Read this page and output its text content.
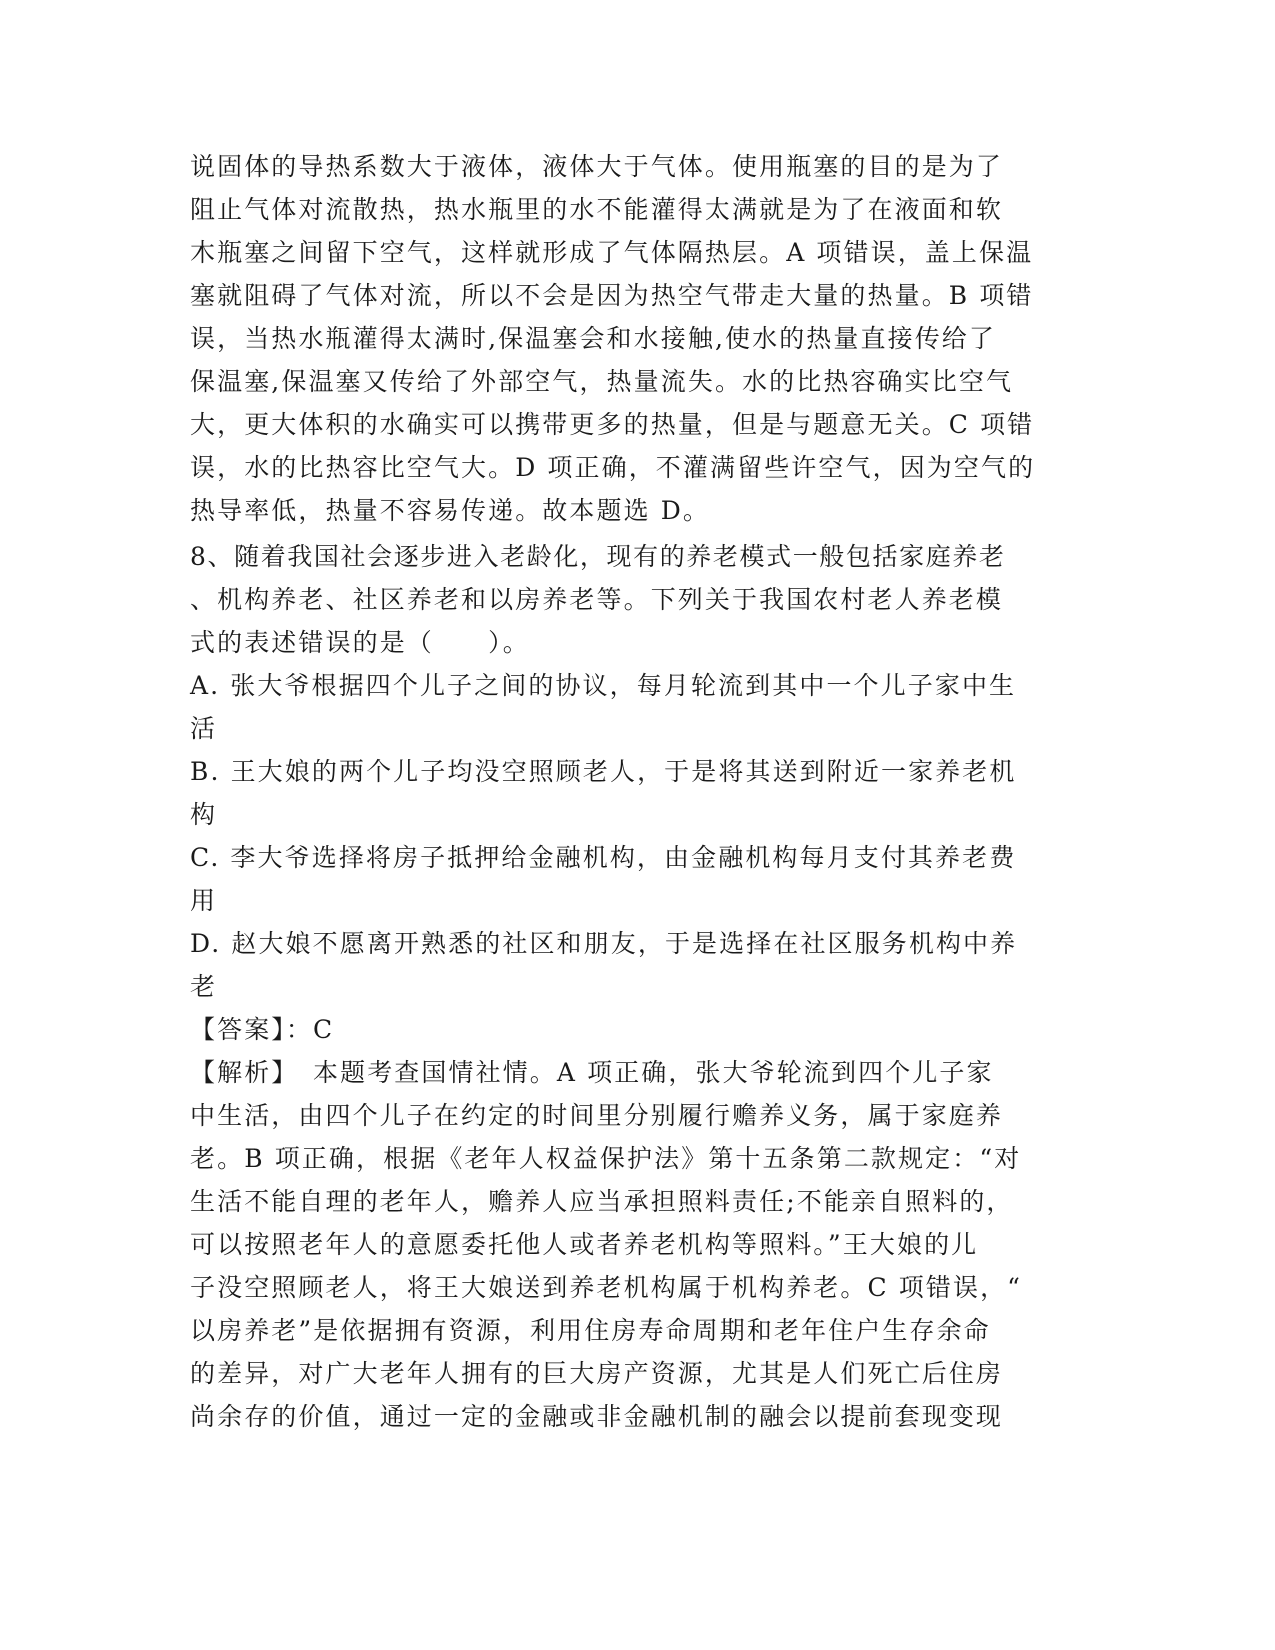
说固体的导热系数大于液体，液体大于气体。使用瓶塞的目的是为了
阻止气体对流散热，热水瓶里的水不能灌得太满就是为了在液面和软
木瓶塞之间留下空气，这样就形成了气体隔热层。A 项错误，盖上保温
塞就阻碍了气体对流，所以不会是因为热空气带走大量的热量。B 项错
误，当热水瓶灌得太满时,保温塞会和水接触,使水的热量直接传给了
保温塞,保温塞又传给了外部空气，热量流失。水的比热容确实比空气
大，更大体积的水确实可以携带更多的热量，但是与题意无关。C 项错
误，水的比热容比空气大。D 项正确，不灌满留些许空气，因为空气的
热导率低，热量不容易传递。故本题选 D。
8、随着我国社会逐步进入老龄化，现有的养老模式一般包括家庭养老
、机构养老、社区养老和以房养老等。下列关于我国农村老人养老模
式的表述错误的是（　　）。
A. 张大爷根据四个儿子之间的协议，每月轮流到其中一个儿子家中生
活
B. 王大娘的两个儿子均没空照顾老人，于是将其送到附近一家养老机
构
C. 李大爷选择将房子抵押给金融机构，由金融机构每月支付其养老费
用
D. 赵大娘不愿离开熟悉的社区和朋友，于是选择在社区服务机构中养
老
【答案】：C
【解析】　本题考查国情社情。A 项正确，张大爷轮流到四个儿子家
中生活，由四个儿子在约定的时间里分别履行赡养义务，属于家庭养
老。B 项正确，根据《老年人权益保护法》第十五条第二款规定：“对
生活不能自理的老年人，赡养人应当承担照料责任;不能亲自照料的，
可以按照老年人的意愿委托他人或者养老机构等照料。”王大娘的儿
子没空照顾老人，将王大娘送到养老机构属于机构养老。C 项错误，“
以房养老”是依据拥有资源，利用住房寿命周期和老年住户生存余命
的差异，对广大老年人拥有的巨大房产资源，尤其是人们死亡后住房
尚余存的价值，通过一定的金融或非金融机制的融会以提前套现变现
